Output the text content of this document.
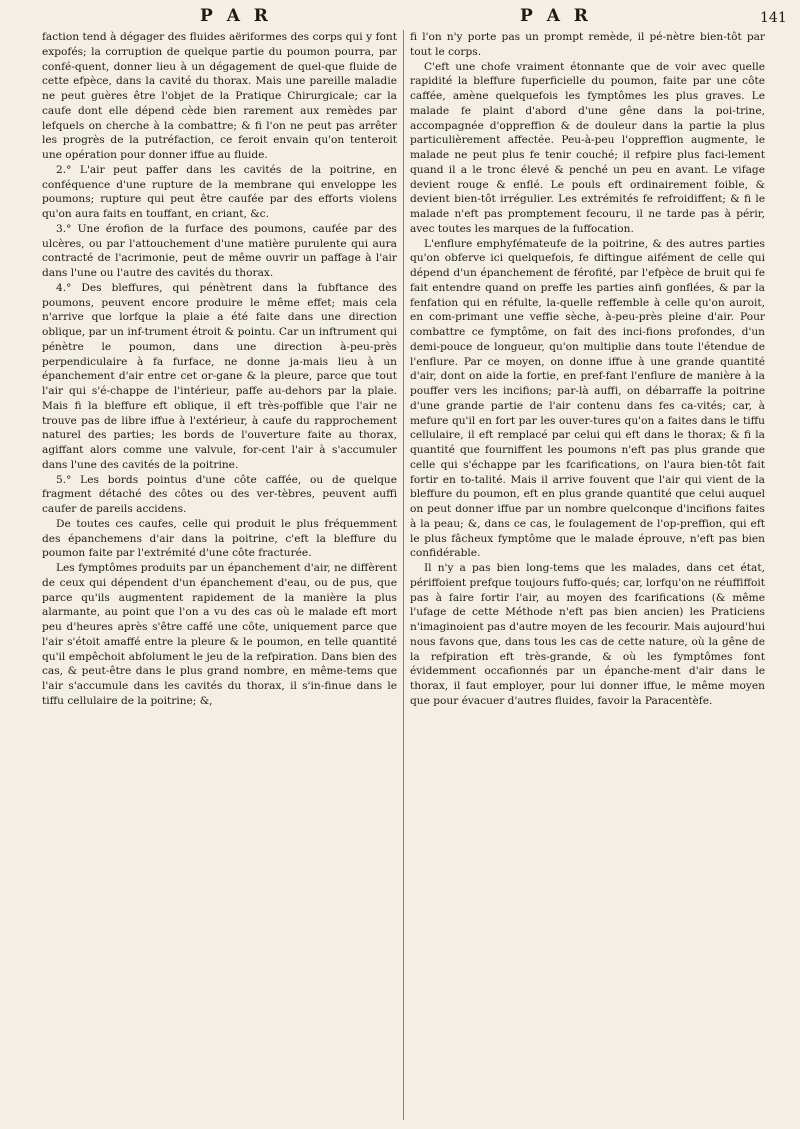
P A R	P A R	141

faction tend à dégager des fluides aëriformes des corps qui y font expofés; la corruption de quelque partie du poumon pourra, par confé-quent, donner lieu à un dégagement de quel-que fluide de cette efpèce, dans la cavité du thorax. Mais une pareille maladie ne peut guères être l'objet de la Pratique Chirurgicale; car la caufe dont elle dépend cède bien rarement aux remèdes par lefquels on cherche à la combattre; & fi l'on ne peut pas arrêter les progrès de la putréfaction, ce feroit envain qu'on tenteroit une opération pour donner iffue au fluide.

2.° L'air peut paffer dans les cavités de la poitrine, en conféquence d'une rupture de la membrane qui enveloppe les poumons; rupture qui peut être caufée par des efforts violens qu'on aura faits en touffant, en criant, &c.

3.° Une érofion de la furface des poumons, caufée par des ulcères, ou par l'attouchement d'une matière purulente qui aura contracté de l'acrimonie, peut de même ouvrir un paffage à l'air dans l'une ou l'autre des cavités du thorax.

4.° Des bleffures, qui pénètrent dans la fubftance des poumons, peuvent encore produire le même effet; mais cela n'arrive que lorfque la plaie a été faite dans une direction oblique, par un inf-trument étroit & pointu. Car un inftrument qui pénètre le poumon, dans une direction à-peu-près perpendiculaire à fa furface, ne donne ja-mais lieu à un épanchement d'air entre cet or-gane & la pleure, parce que tout l'air qui s'é-chappe de l'intérieur, paffe au-dehors par la plaie. Mais fi la bleffure eft oblique, il eft très-poffible que l'air ne trouve pas de libre iffue à l'extérieur, à caufe du rapprochement naturel des parties; les bords de l'ouverture faite au thorax, agiffant alors comme une valvule, for-cent l'air à s'accumuler dans l'une des cavités de la poitrine.

5.° Les bords pointus d'une côte caffée, ou de quelque fragment détaché des côtes ou des ver-tèbres, peuvent auffi caufer de pareils accidens.

De toutes ces caufes, celle qui produit le plus fréquemment des épanchemens d'air dans la poitrine, c'eft la bleffure du poumon faite par l'extrémité d'une côte fracturée.

Les fymptômes produits par un épanchement d'air, ne diffèrent de ceux qui dépendent d'un épanchement d'eau, ou de pus, que parce qu'ils augmentent rapidement de la manière la plus alarmante, au point que l'on a vu des cas où le malade eft mort peu d'heures après s'être caffé une côte, uniquement parce que l'air s'étoit amaffé entre la pleure & le poumon, en telle quantité qu'il empêchoit abfolument le jeu de la refpiration. Dans bien des cas, & peut-être dans le plus grand nombre, en même-tems que l'air s'accumule dans les cavités du thorax, il s'in-finue dans le tiffu cellulaire de la poitrine; &,

fi l'on n'y porte pas un prompt remède, il pé-nètre bien-tôt par tout le corps.

C'eft une chofe vraiment étonnante que de voir avec quelle rapidité la bleffure fuperficielle du poumon, faite par une côte caffée, amène quelquefois les fymptômes les plus graves. Le malade fe plaint d'abord d'une gêne dans la poi-trine, accompagnée d'oppreffion & de douleur dans la partie la plus particulièrement affectée. Peu-à-peu l'oppreffion augmente, le malade ne peut plus fe tenir couché; il refpire plus faci-lement quand il a le tronc élevé & penché un peu en avant. Le vifage devient rouge & enflé. Le pouls eft ordinairement foible, & devient bien-tôt irrégulier. Les extrémités fe refroidiffent; & fi le malade n'eft pas promptement fecouru, il ne tarde pas à périr, avec toutes les marques de la fuffocation.

L'enflure emphyfémateufe de la poitrine, & des autres parties qu'on obferve ici quelquefois, fe diftingue aifément de celle qui dépend d'un épanchement de férofité, par l'efpèce de bruit qui fe fait entendre quand on preffe les parties ainfi gonflées, & par la fenfation qui en réfulte, la-quelle reffemble à celle qu'on auroit, en com-primant une veffie sèche, à-peu-près pleine d'air. Pour combattre ce fymptôme, on fait des inci-fions profondes, d'un demi-pouce de longueur, qu'on multiplie dans toute l'étendue de l'enflure. Par ce moyen, on donne iffue à une grande quantité d'air, dont on aide la fortie, en pref-fant l'enflure de manière à la pouffer vers les incifions; par-là auffi, on débarraffe la poitrine d'une grande partie de l'air contenu dans fes ca-vités; car, à mefure qu'il en fort par les ouver-tures qu'on a faites dans le tiffu cellulaire, il eft remplacé par celui qui eft dans le thorax; & fi la quantité que fourniffent les poumons n'eft pas plus grande que celle qui s'échappe par les fcarifications, on l'aura bien-tôt fait fortir en to-talité. Mais il arrive fouvent que l'air qui vient de la bleffure du poumon, eft en plus grande quantité que celui auquel on peut donner iffue par un nombre quelconque d'incifions faites à la peau; &, dans ce cas, le foulagement de l'op-preffion, qui eft le plus fâcheux fymptôme que le malade éprouve, n'eft pas bien confidérable.

Il n'y a pas bien long-tems que les malades, dans cet état, périffoient prefque toujours fuffo-qués; car, lorfqu'on ne réuffiffoit pas à faire fortir l'air, au moyen des fcarifications (& même l'ufage de cette Méthode n'eft pas bien ancien) les Praticiens n'imaginoient pas d'autre moyen de les fecourir. Mais aujourd'hui nous favons que, dans tous les cas de cette nature, où la gêne de la refpiration eft très-grande, & où les fymptômes font évidemment occafionnés par un épanche-ment d'air dans le thorax, il faut employer, pour lui donner iffue, le même moyen que pour évacuer d'autres fluides, favoir la Paracentèfe.
